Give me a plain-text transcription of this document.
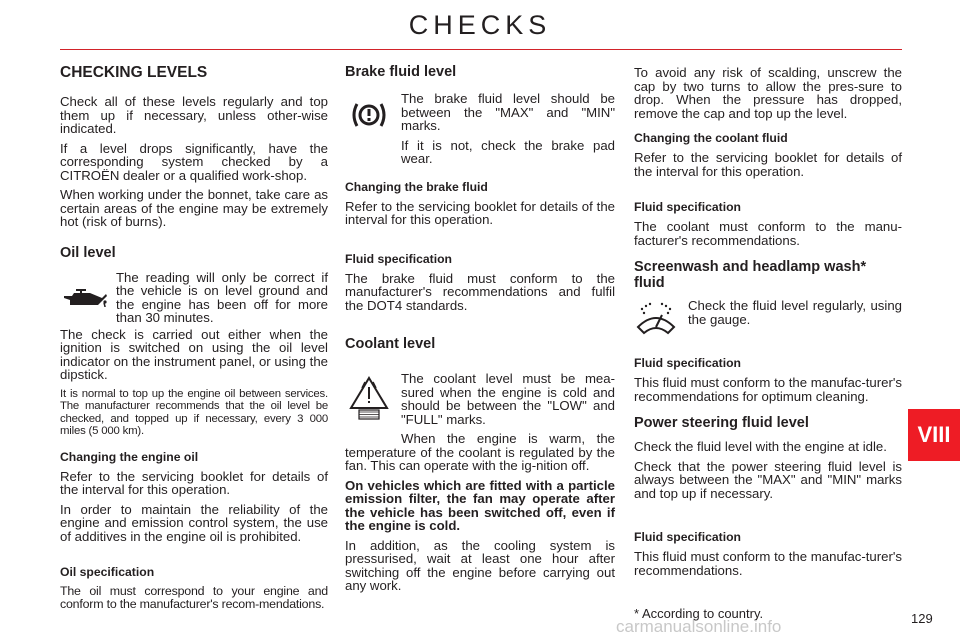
CHECKS
VIII
CHECKING LEVELS

Check all of these levels regularly and top them up if necessary, unless other-wise indicated.

If a level drops significantly, have the corresponding system checked by a CITROËN dealer or a qualified work-shop.

When working under the bonnet, take care as certain areas of the engine may be extremely hot (risk of burns).

Oil level

The reading will only be correct if the vehicle is on level ground and the engine has been off for more than 30 minutes.

The check is carried out either when the ignition is switched on using the oil level indicator on the instrument panel, or using the dipstick.

It is normal to top up the engine oil between services. The manufacturer recommends that the oil level be checked, and topped up if necessary, every 3 000 miles (5 000 km).

Changing the engine oil

Refer to the servicing booklet for details of the interval for this operation.

In order to maintain the reliability of the engine and emission control system, the use of additives in the engine oil is prohibited.

Oil specification

The oil must correspond to your engine and conform to the manufacturer's recom-mendations.

Brake fluid level

The brake fluid level should be between the "MAX" and "MIN" marks.

If it is not, check the brake pad wear.

Changing the brake fluid

Refer to the servicing booklet for details of the interval for this operation.

Fluid specification

The brake fluid must conform to the manufacturer's recommendations and fulfil the DOT4 standards.

Coolant level

The coolant level must be mea-sured when the engine is cold and should be between the "LOW" and "FULL" marks.

When the engine is warm, the temperature of the coolant is regulated by the fan. This can operate with the ig-nition off.

On vehicles which are fitted with a particle emission filter, the fan may operate after the vehicle has been switched off, even if the engine is cold.

In addition, as the cooling system is pressurised, wait at least one hour after switching off the engine before carrying out any work.

To avoid any risk of scalding, unscrew the cap by two turns to allow the pres-sure to drop. When the pressure has dropped, remove the cap and top up the level.

Changing the coolant fluid

Refer to the servicing booklet for details of the interval for this operation.

Fluid specification

The coolant must conform to the manu-facturer's recommendations.

Screenwash and headlamp wash* fluid

Check the fluid level regularly, using the gauge.

Fluid specification

This fluid must conform to the manufac-turer's recommendations for optimum cleaning.

Power steering fluid level

Check the fluid level with the engine at idle.

Check that the power steering fluid level is always between the "MAX" and "MIN" marks and top up if necessary.

Fluid specification

This fluid must conform to the manufac-turer's recommendations.

* According to country.
carmanualsonline.info	129
